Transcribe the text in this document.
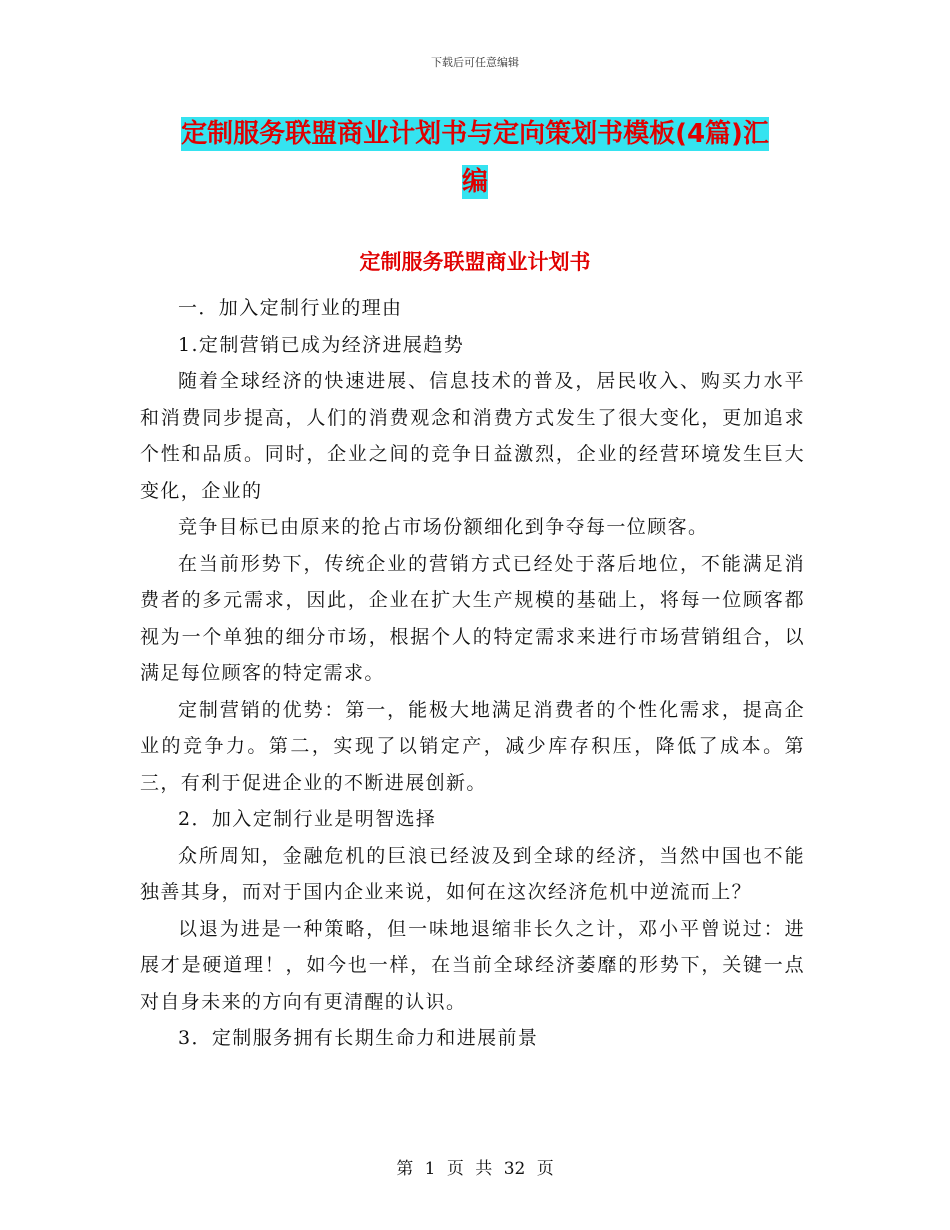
下载后可任意编辑
定制服务联盟商业计划书与定向策划书模板(4篇)汇
编
定制服务联盟商业计划书

一．加入定制行业的理由

1.定制营销已成为经济进展趋势

随着全球经济的快速进展、信息技术的普及，居民收入、购买力水平和消费同步提高，人们的消费观念和消费方式发生了很大变化，更加追求个性和品质。同时，企业之间的竞争日益激烈，企业的经营环境发生巨大变化，企业的

竞争目标已由原来的抢占市场份额细化到争夺每一位顾客。

在当前形势下，传统企业的营销方式已经处于落后地位，不能满足消费者的多元需求，因此，企业在扩大生产规模的基础上，将每一位顾客都视为一个单独的细分市场，根据个人的特定需求来进行市场营销组合，以满足每位顾客的特定需求。

定制营销的优势：第一，能极大地满足消费者的个性化需求，提高企业的竞争力。第二，实现了以销定产，减少库存积压，降低了成本。第三，有利于促进企业的不断进展创新。

2．加入定制行业是明智选择

众所周知，金融危机的巨浪已经波及到全球的经济，当然中国也不能独善其身，而对于国内企业来说，如何在这次经济危机中逆流而上？

以退为进是一种策略，但一味地退缩非长久之计，邓小平曾说过：进展才是硬道理！，如今也一样，在当前全球经济萎靡的形势下，关键一点对自身未来的方向有更清醒的认识。

3．定制服务拥有长期生命力和进展前景

第 1 页 共 32 页
